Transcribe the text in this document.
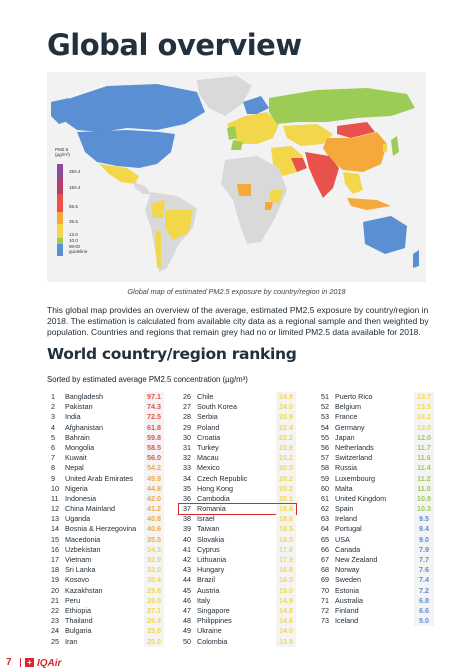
Global overview
PM2.5
(µg/m³)
250.4
150.4
55.5
35.5
12.0
10.0
WHO guideline
Global map of estimated PM2.5 exposure by country/region in 2018

This global map provides an overview of the average, estimated PM2.5 exposure by country/region in 2018. The estimation is calculated from available city data as a regional sample and then weighted by population. Countries and regions that remain grey had no or limited PM2.5 data available for 2018.

World country/region ranking
Sorted by estimated average PM2.5 concentration (µg/m³)
1 Bangladesh	97.1
2 Pakistan	74.3
3 India	72.5
4 Afghanistan	61.8
5 Bahrain	59.8
6 Mongolia	58.5
7 Kuwait	56.0
8 Nepal	54.2
9 United Arab Emirates	49.9
10 Nigeria	44.8
11 Indonesia	42.0
12 China Mainland	41.2
13 Uganda	40.8
14 Bosnia & Herzegovina	40.6
15 Macedonia	35.5
16 Uzbekistan	34.3
17 Vietnam	32.9
18 Sri Lanka	32.0
19 Kosovo	30.4
20 Kazakhstan	29.8
21 Peru	28.0
22 Ethiopia	27.1
23 Thailand	26.4
24 Bulgaria	25.8
25 Iran	25.0
26 Chile	24.9
27 South Korea	24.0
28 Serbia	23.9
29 Poland	22.4
30 Croatia	22.2
31 Turkey	21.9
32 Macau	21.2
33 Mexico	20.3
34 Czech Republic	20.2
35 Hong Kong	20.2
36 Cambodia	20.1
37 Romania	18.6
38 Israel	18.6
39 Taiwan	18.5
40 Slovakia	18.5
41 Cyprus	17.6
42 Lithuania	17.5
43 Hungary	16.8
44 Brazil	16.3
45 Austria	15.0
46 Italy	14.9
47 Singapore	14.8
48 Philippines	14.6
49 Ukraine	14.0
50 Colombia	13.9
51 Puerto Rico	13.7
52 Belgium	13.5
53 France	13.2
54 Germany	13.0
55 Japan	12.0
56 Netherlands	11.7
57 Switzerland	11.6
58 Russia	11.4
59 Luxembourg	11.2
60 Malta	11.0
61 United Kingdom	10.8
62 Spain	10.3
63 Ireland	9.5
64 Portugal	9.4
65 USA	9.0
66 Canada	7.9
67 New Zealand	7.7
68 Norway	7.6
69 Sweden	7.4
70 Estonia	7.2
71 Australia	6.8
72 Finland	6.6
73 Iceland	5.0
7 + IQAir
